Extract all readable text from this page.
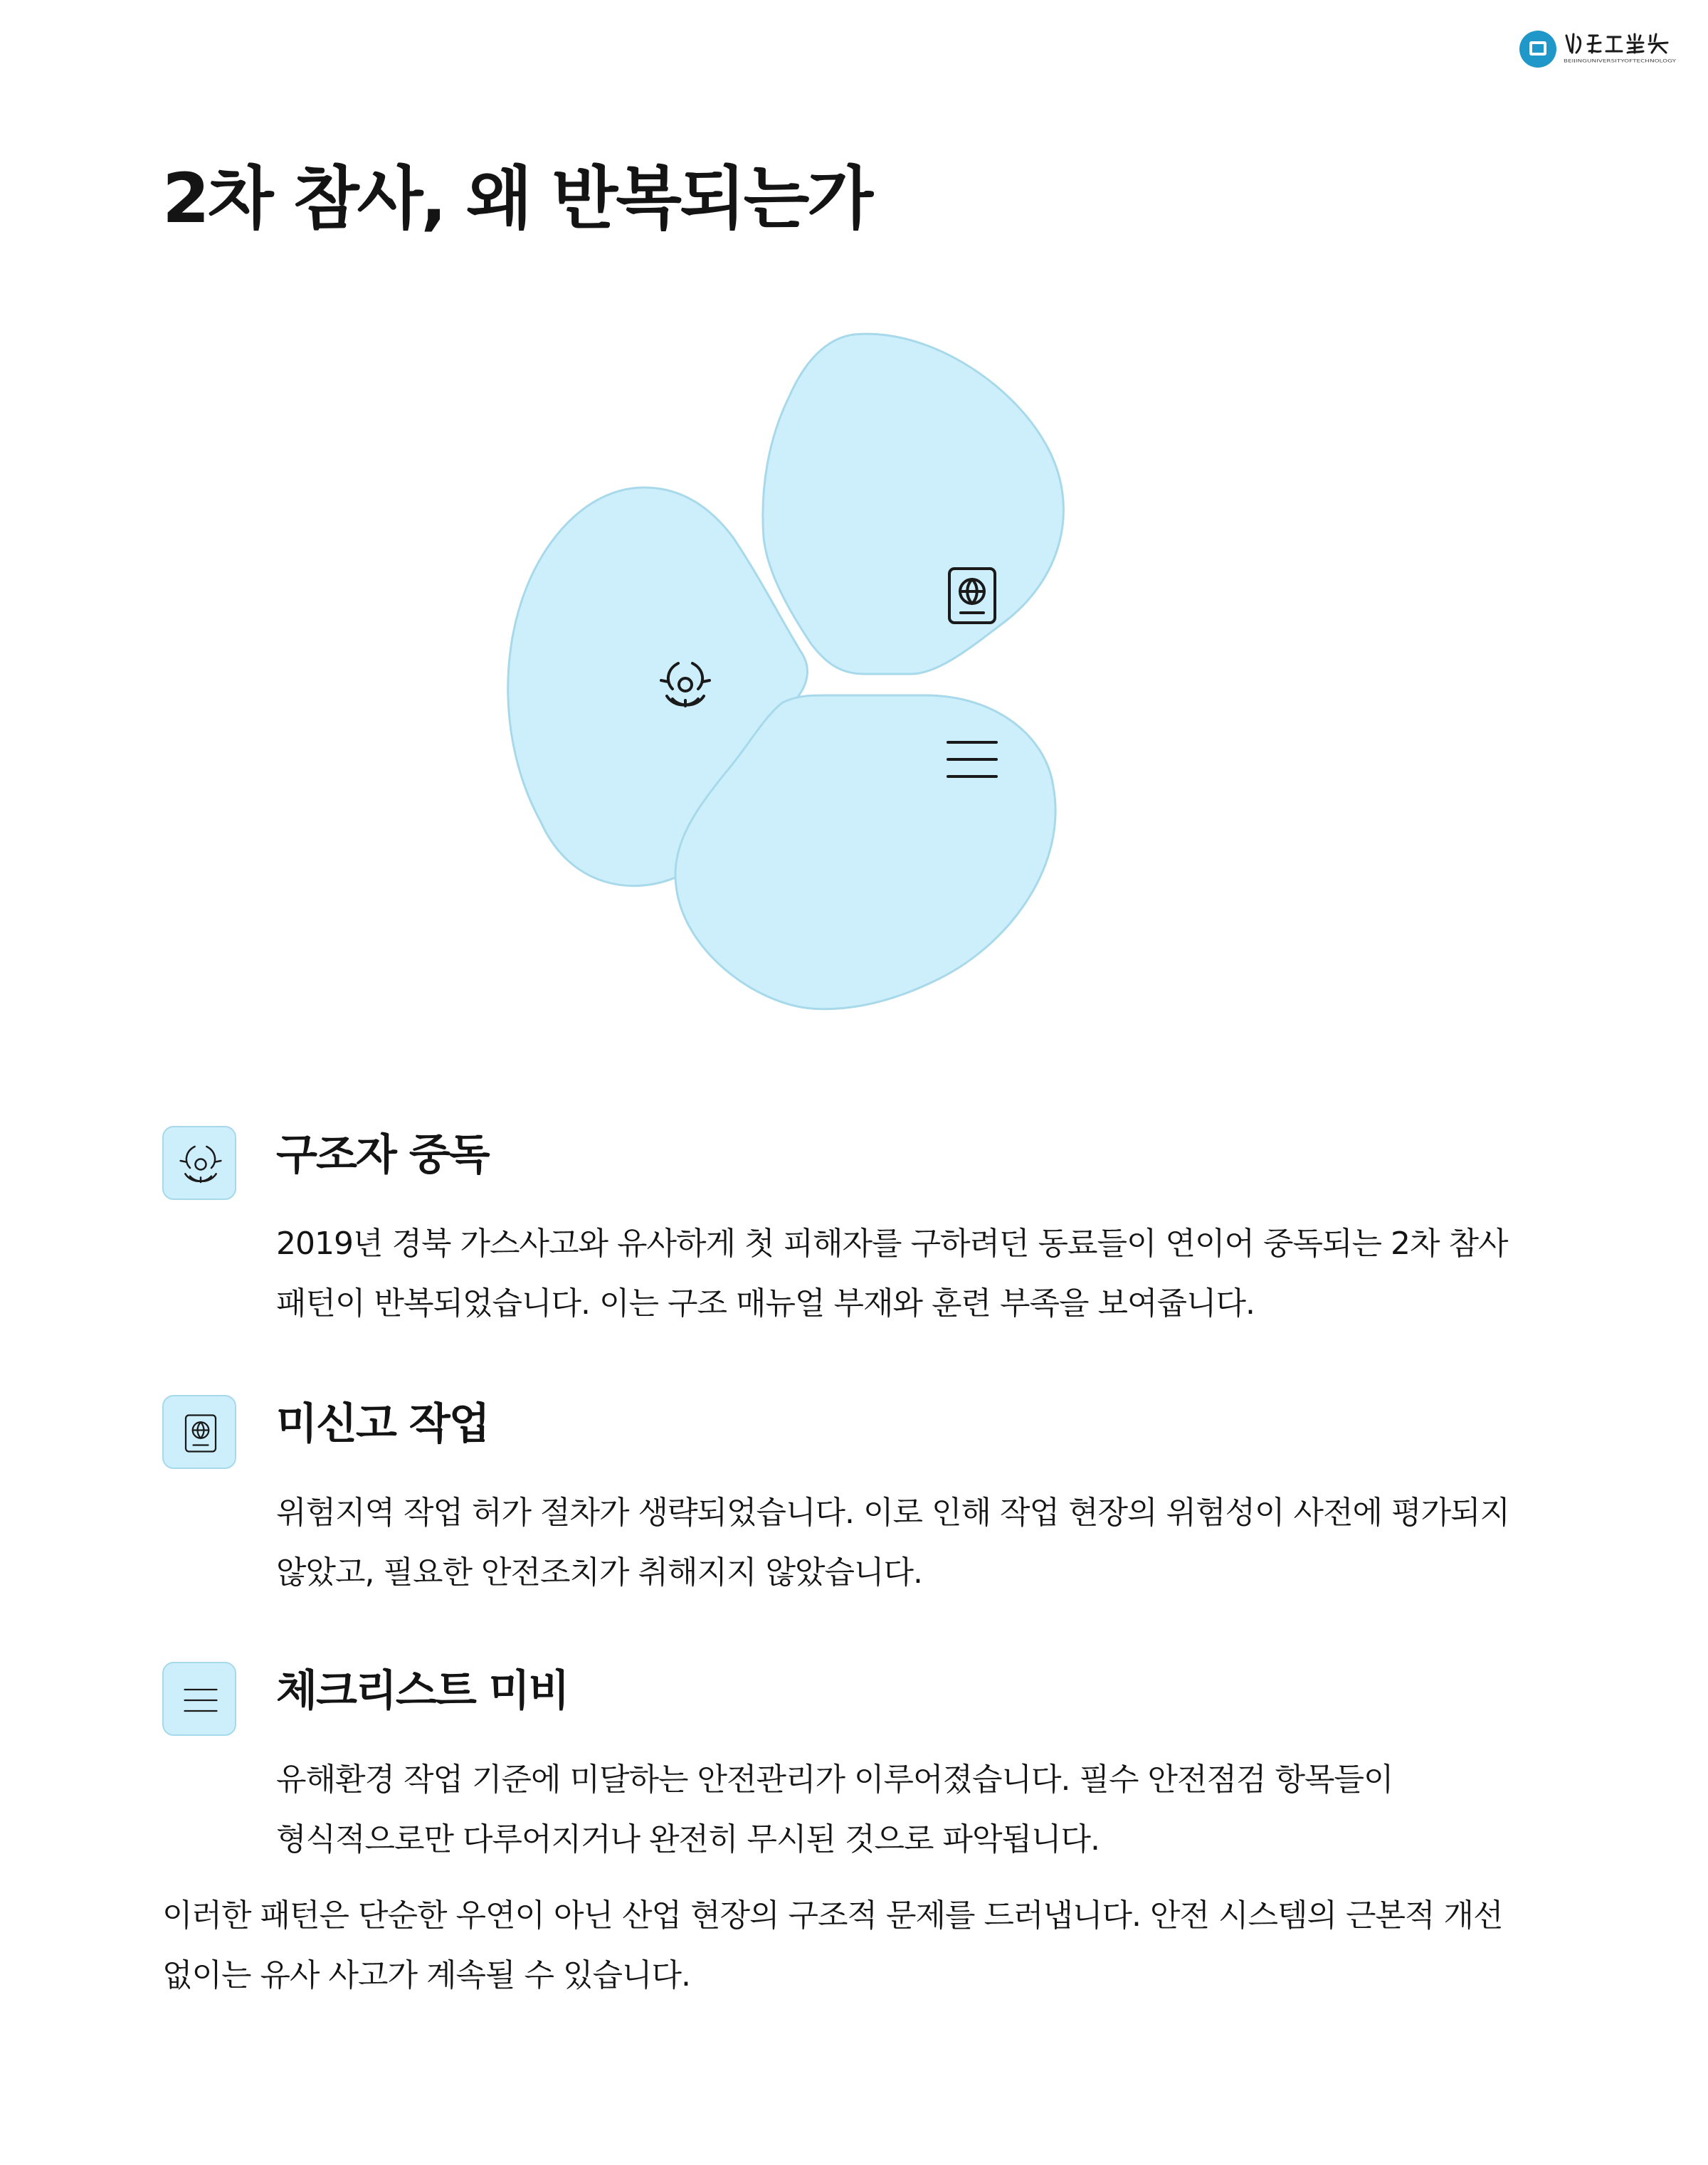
BEIJINGUNIVERSITYOFTECHNOLOGY
2차 참사, 왜 반복되는가
구조자 중독

2019년 경북 가스사고와 유사하게 첫 피해자를 구하려던 동료들이 연이어 중독되는 2차 참사 패턴이 반복되었습니다. 이는 구조 매뉴얼 부재와 훈련 부족을 보여줍니다.

미신고 작업

위험지역 작업 허가 절차가 생략되었습니다. 이로 인해 작업 현장의 위험성이 사전에 평가되지 않았고, 필요한 안전조치가 취해지지 않았습니다.

체크리스트 미비

유해환경 작업 기준에 미달하는 안전관리가 이루어졌습니다. 필수 안전점검 항목들이 형식적으로만 다루어지거나 완전히 무시된 것으로 파악됩니다.

이러한 패턴은 단순한 우연이 아닌 산업 현장의 구조적 문제를 드러냅니다. 안전 시스템의 근본적 개선 없이는 유사 사고가 계속될 수 있습니다.
